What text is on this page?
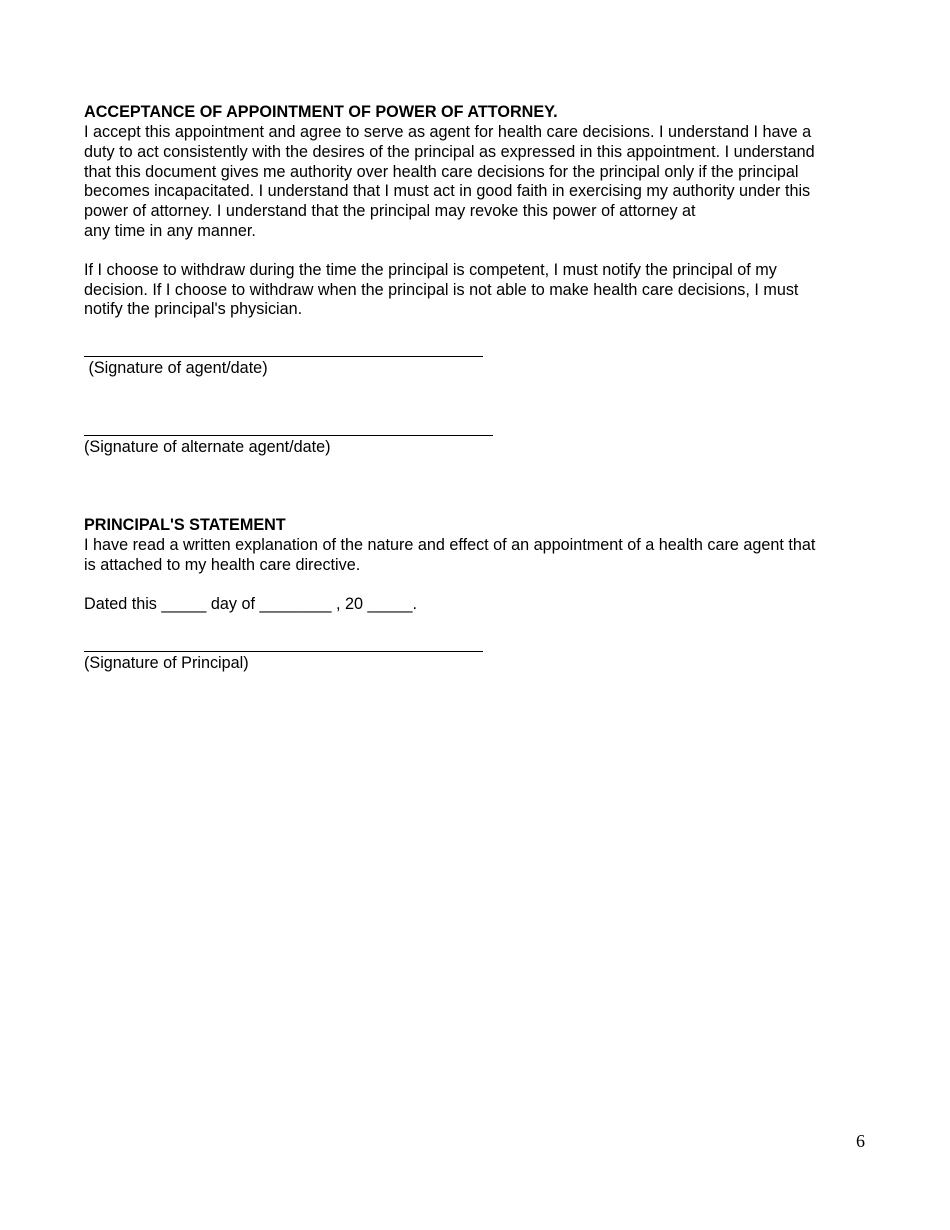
ACCEPTANCE OF APPOINTMENT OF POWER OF ATTORNEY.

I accept this appointment and agree to serve as agent for health care decisions. I understand I have a

duty to act consistently with the desires of the principal as expressed in this appointment. I understand

that this document gives me authority over health care decisions for the principal only if the principal

becomes incapacitated. I understand that I must act in good faith in exercising my authority under this

power of attorney. I understand that the principal may revoke this power of attorney at

any time in any manner.

If I choose to withdraw during the time the principal is competent, I must notify the principal of my

decision. If I choose to withdraw when the principal is not able to make health care decisions, I must

notify the principal's physician.

(Signature of agent/date)

(Signature of alternate agent/date)

PRINCIPAL'S STATEMENT

I have read a written explanation of the nature and effect of an appointment of a health care agent that

is attached to my health care directive.

Dated this _____ day of ________ , 20 _____.

(Signature of Principal)

6
